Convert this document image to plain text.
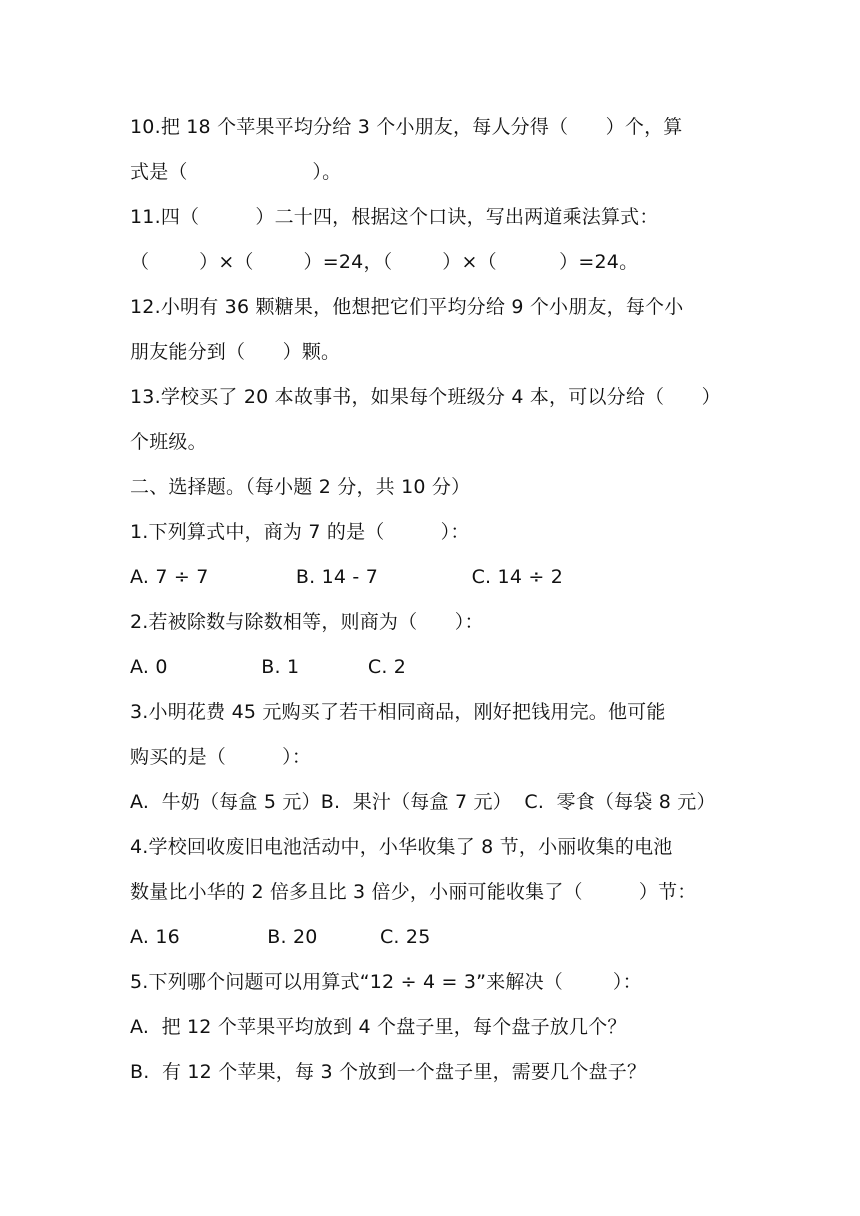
10.把 18 个苹果平均分给 3 个小朋友，每人分得（      ）个，算
式是（                    ）。
11.四（         ）二十四，根据这个口诀，写出两道乘法算式：
（        ）×（        ）=24，（        ）×（          ）=24。
12.小明有 36 颗糖果，他想把它们平均分给 9 个小朋友，每个小
朋友能分到（      ）颗。
13.学校买了 20 本故事书，如果每个班级分 4 本，可以分给（      ）
个班级。
二、选择题。（每小题 2 分，共 10 分）
1.下列算式中，商为 7 的是（         ）：
A. 7 ÷ 7              B. 14 - 7               C. 14 ÷ 2
2.若被除数与除数相等，则商为（      ）：
A. 0               B. 1           C. 2
3.小明花费 45 元购买了若干相同商品，刚好把钱用完。他可能
购买的是（         ）：
A.  牛奶（每盒 5 元）B.  果汁（每盒 7 元）  C.  零食（每袋 8 元）
4.学校回收废旧电池活动中，小华收集了 8 节，小丽收集的电池
数量比小华的 2 倍多且比 3 倍少，小丽可能收集了（         ）节：
A. 16              B. 20          C. 25
5.下列哪个问题可以用算式“12 ÷ 4 = 3”来解决（        ）：
A.  把 12 个苹果平均放到 4 个盘子里，每个盘子放几个？
B.  有 12 个苹果，每 3 个放到一个盘子里，需要几个盘子？
